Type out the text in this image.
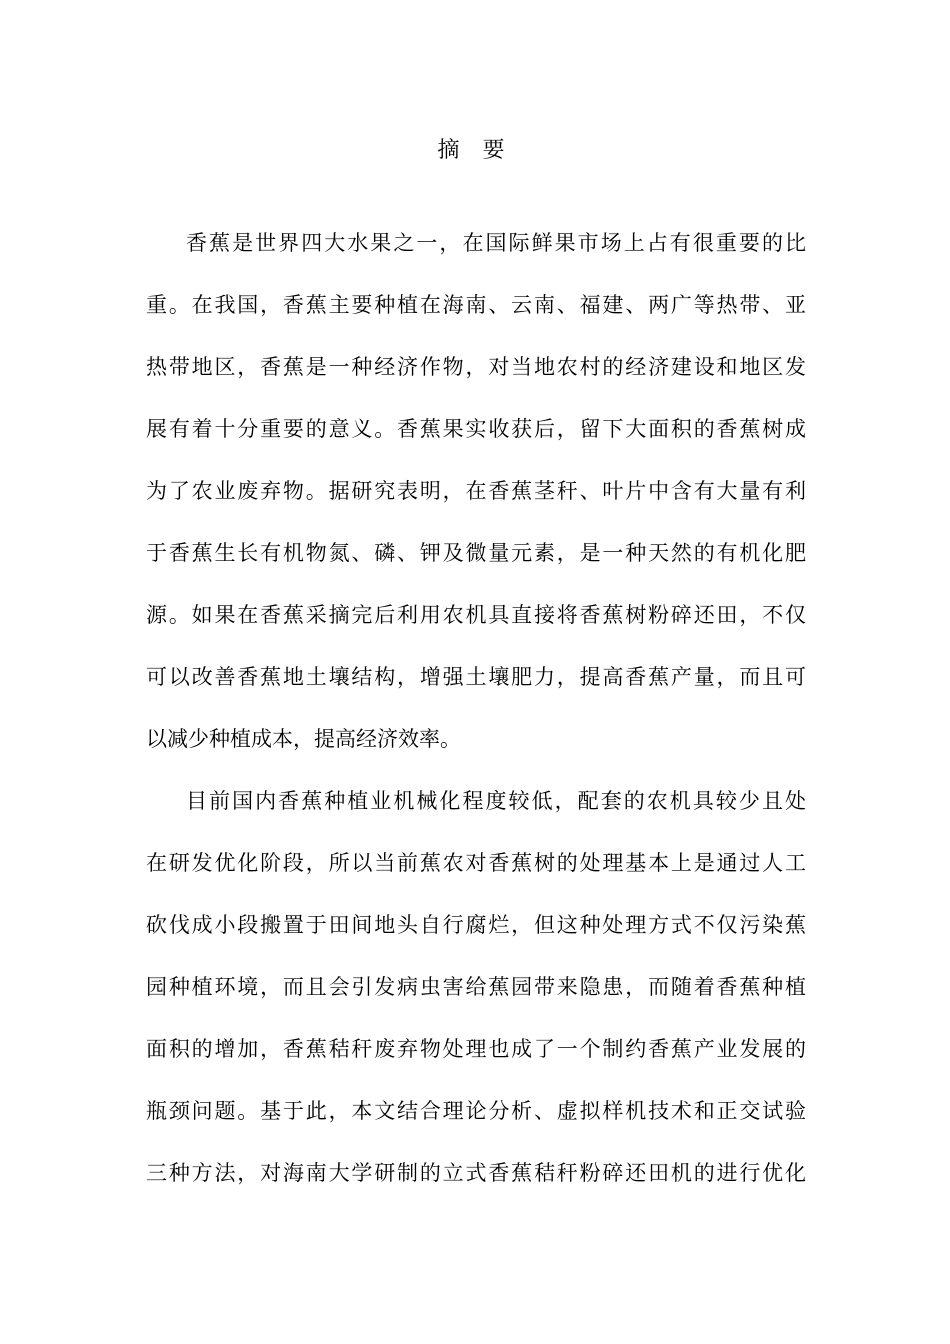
摘 要
香蕉是世界四大水果之一，在国际鲜果市场上占有很重要的比
重。在我国，香蕉主要种植在海南、云南、福建、两广等热带、亚
热带地区，香蕉是一种经济作物，对当地农村的经济建设和地区发
展有着十分重要的意义。香蕉果实收获后，留下大面积的香蕉树成
为了农业废弃物。据研究表明，在香蕉茎秆、叶片中含有大量有利
于香蕉生长有机物氮、磷、钾及微量元素，是一种天然的有机化肥
源。如果在香蕉采摘完后利用农机具直接将香蕉树粉碎还田，不仅
可以改善香蕉地土壤结构，增强土壤肥力，提高香蕉产量，而且可
以减少种植成本，提高经济效率。
目前国内香蕉种植业机械化程度较低，配套的农机具较少且处
在研发优化阶段，所以当前蕉农对香蕉树的处理基本上是通过人工
砍伐成小段搬置于田间地头自行腐烂，但这种处理方式不仅污染蕉
园种植环境，而且会引发病虫害给蕉园带来隐患，而随着香蕉种植
面积的增加，香蕉秸秆废弃物处理也成了一个制约香蕉产业发展的
瓶颈问题。基于此，本文结合理论分析、虚拟样机技术和正交试验
三种方法，对海南大学研制的立式香蕉秸秆粉碎还田机的进行优化
